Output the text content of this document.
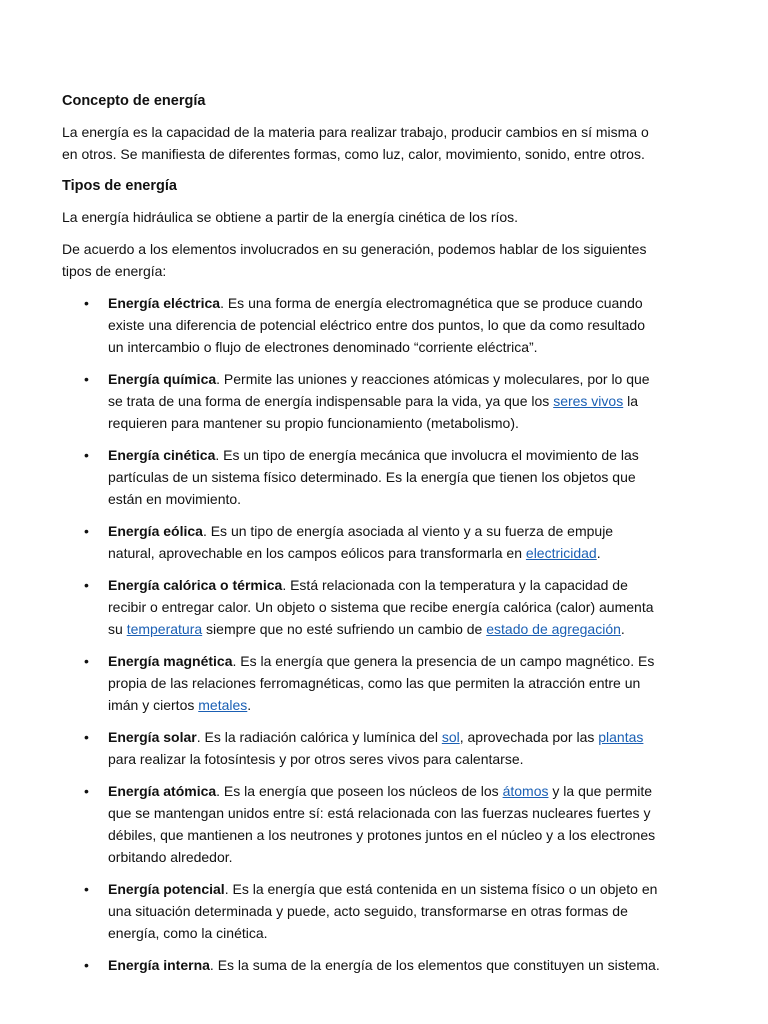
Concepto de energía

La energía es la capacidad de la materia para realizar trabajo, producir cambios en sí misma o en otros. Se manifiesta de diferentes formas, como luz, calor, movimiento, sonido, entre otros.

Tipos de energía

La energía hidráulica se obtiene a partir de la energía cinética de los ríos.

De acuerdo a los elementos involucrados en su generación, podemos hablar de los siguientes tipos de energía:

• Energía eléctrica. Es una forma de energía electromagnética que se produce cuando existe una diferencia de potencial eléctrico entre dos puntos, lo que da como resultado un intercambio o flujo de electrones denominado “corriente eléctrica”.
• Energía química. Permite las uniones y reacciones atómicas y moleculares, por lo que se trata de una forma de energía indispensable para la vida, ya que los seres vivos la requieren para mantener su propio funcionamiento (metabolismo).
• Energía cinética. Es un tipo de energía mecánica que involucra el movimiento de las partículas de un sistema físico determinado. Es la energía que tienen los objetos que están en movimiento.
• Energía eólica. Es un tipo de energía asociada al viento y a su fuerza de empuje natural, aprovechable en los campos eólicos para transformarla en electricidad.
• Energía calórica o térmica. Está relacionada con la temperatura y la capacidad de recibir o entregar calor. Un objeto o sistema que recibe energía calórica (calor) aumenta su temperatura siempre que no esté sufriendo un cambio de estado de agregación.
• Energía magnética. Es la energía que genera la presencia de un campo magnético. Es propia de las relaciones ferromagnéticas, como las que permiten la atracción entre un imán y ciertos metales.
• Energía solar. Es la radiación calórica y lumínica del sol, aprovechada por las plantas para realizar la fotosíntesis y por otros seres vivos para calentarse.
• Energía atómica. Es la energía que poseen los núcleos de los átomos y la que permite que se mantengan unidos entre sí: está relacionada con las fuerzas nucleares fuertes y débiles, que mantienen a los neutrones y protones juntos en el núcleo y a los electrones orbitando alrededor.
• Energía potencial. Es la energía que está contenida en un sistema físico o un objeto en una situación determinada y puede, acto seguido, transformarse en otras formas de energía, como la cinética.
• Energía interna. Es la suma de la energía de los elementos que constituyen un sistema.
